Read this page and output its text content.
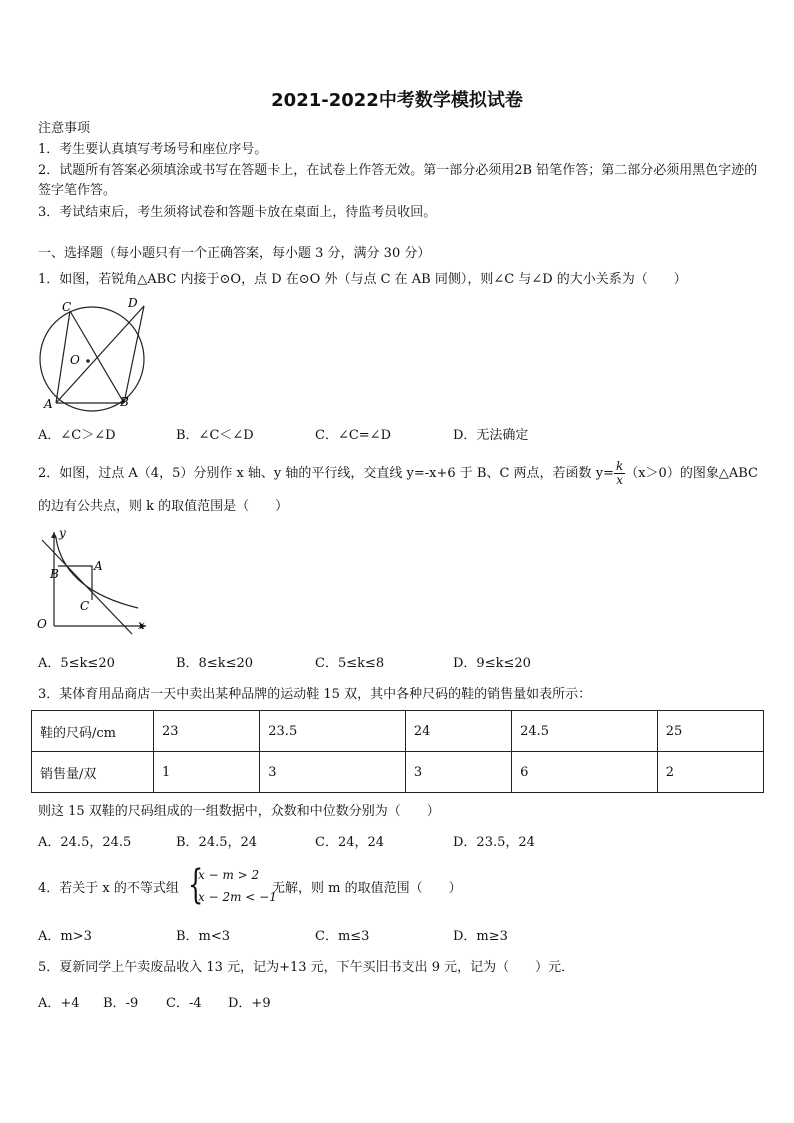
2021-2022中考数学模拟试卷
注意事项
1．考生要认真填写考场号和座位序号。
2．试题所有答案必须填涂或书写在答题卡上，在试卷上作答无效。第一部分必须用2B 铅笔作答；第二部分必须用黑色字迹的签字笔作答。
3．考试结束后，考生须将试卷和答题卡放在桌面上，待监考员收回。
一、选择题（每小题只有一个正确答案，每小题 3 分，满分 30 分）
1．如图，若锐角△ABC 内接于⊙O，点 D 在⊙O 外（与点 C 在 AB 同侧），则∠C 与∠D 的大小关系为（　　）
C	D
O
A	B
A．∠C＞∠D	B．∠C＜∠D	C．∠C=∠D	D．无法确定
2．如图，过点 A（4，5）分别作 x 轴、y 轴的平行线，交直线 y=-x+6 于 B、C 两点，若函数 $y= \frac{k}{x} (x>0)$的图象△ABC
的边有公共点，则 k 的取值范围是（　　）
y
A
B
C
O	x
A．5≤k≤20	B．8≤k≤20	C．5≤k≤8	D．9≤k≤20
3．某体育用品商店一天中卖出某种品牌的运动鞋 15 双，其中各种尺码的鞋的销售量如表所示：
鞋的尺码/cm	23	23.5	24	24.5	25
销售量/双	1	3	3	6	2
则这 15 双鞋的尺码组成的一组数据中，众数和中位数分别为（　　）
A．24.5，24.5	B．24.5，24	C．24，24	D．23.5，24
4．若关于 x 的不等式组 {
x − m > 2
x − 2m < −1
无解，则 m 的取值范围（　　）
A．m>3	B．m<3	C．m≤3	D．m≥3
5．夏新同学上午卖废品收入 13 元，记为+13 元，下午买旧书支出 9 元，记为（　　）元．
A．+4 B．-9 C．-4 D．+9
